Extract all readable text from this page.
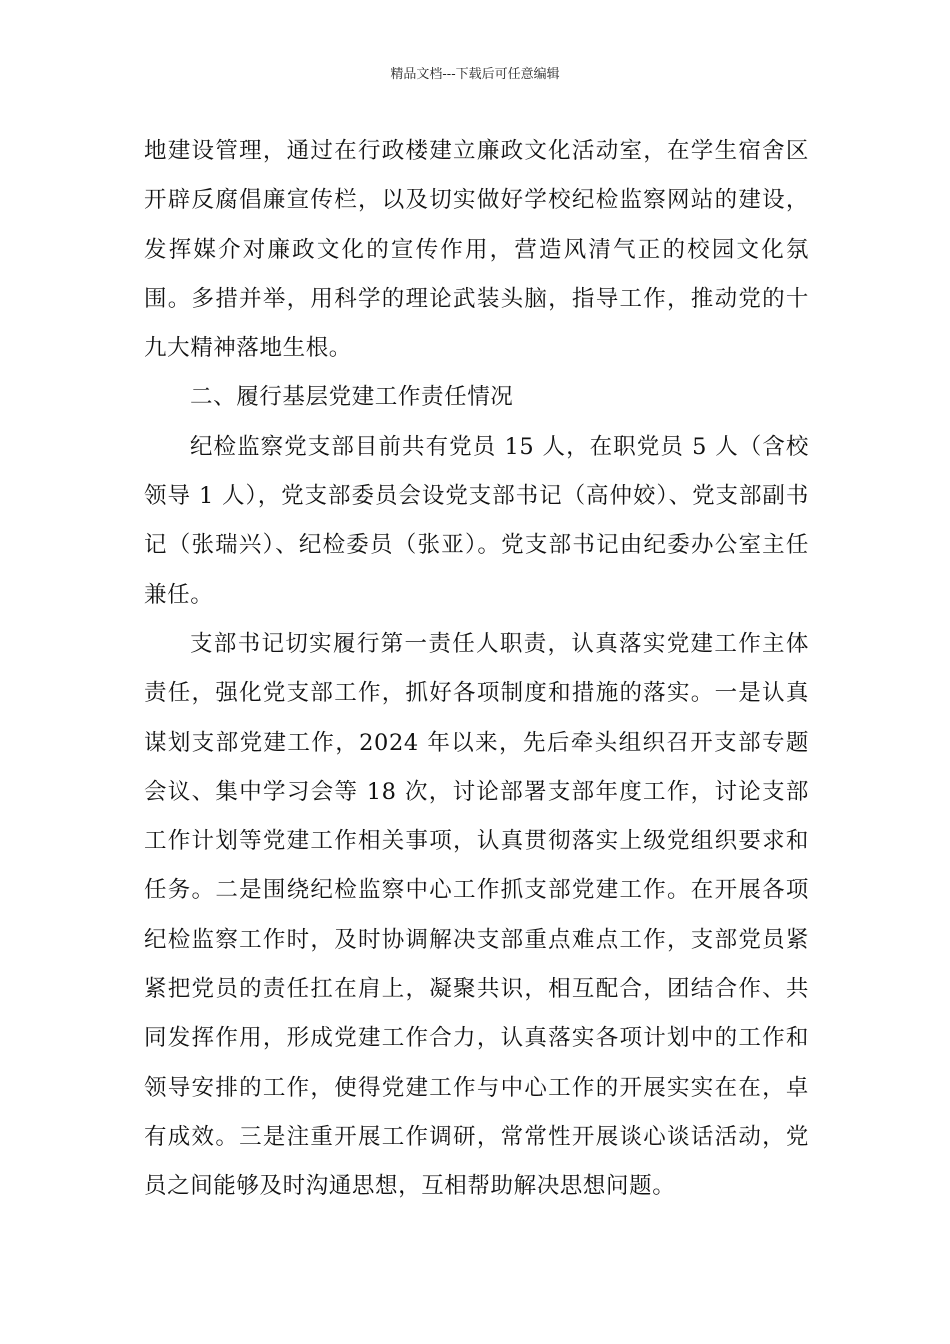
精品文档---下载后可任意编辑

地建设管理，通过在行政楼建立廉政文化活动室，在学生宿舍区开辟反腐倡廉宣传栏，以及切实做好学校纪检监察网站的建设，发挥媒介对廉政文化的宣传作用，营造风清气正的校园文化氛围。多措并举，用科学的理论武装头脑，指导工作，推动党的十九大精神落地生根。

二、履行基层党建工作责任情况

纪检监察党支部目前共有党员 15 人，在职党员 5 人（含校领导 1 人），党支部委员会设党支部书记（高仲姣）、党支部副书记（张瑞兴）、纪检委员（张亚）。党支部书记由纪委办公室主任兼任。

支部书记切实履行第一责任人职责，认真落实党建工作主体责任，强化党支部工作，抓好各项制度和措施的落实。一是认真谋划支部党建工作，2024 年以来，先后牵头组织召开支部专题会议、集中学习会等 18 次，讨论部署支部年度工作，讨论支部工作计划等党建工作相关事项，认真贯彻落实上级党组织要求和任务。二是围绕纪检监察中心工作抓支部党建工作。在开展各项纪检监察工作时，及时协调解决支部重点难点工作，支部党员紧紧把党员的责任扛在肩上，凝聚共识，相互配合，团结合作、共同发挥作用，形成党建工作合力，认真落实各项计划中的工作和领导安排的工作，使得党建工作与中心工作的开展实实在在，卓有成效。三是注重开展工作调研，常常性开展谈心谈话活动，党员之间能够及时沟通思想，互相帮助解决思想问题。
